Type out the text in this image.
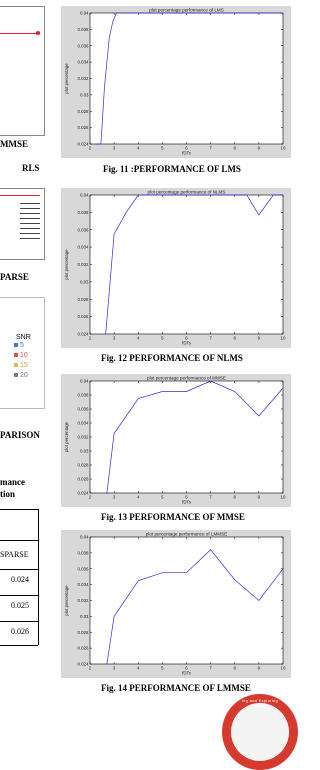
MMSE
RLS
PARSE
SNR
5
10
15
20
PARISON
mance
tion
SPARSE
0.024
0.025
0.026
plot percentage performance of LMS
0.024
0.026
0.028
0.03
0.032
0.034
0.036
0.038
0.04
2	3	4	5	6	7	8	9	10
fDTs
plot percentage
Fig. 11 :PERFORMANCE OF LMS
plot percentage performance of NLMS
0.024
0.026
0.028
0.03
0.032
0.034
0.036
0.038
0.04
2	3	4	5	6	7	8	9	10
fDTs
plot percentage
Fig. 12 PERFORMANCE OF NLMS
plot percentage performance of MMSE
0.024
0.026
0.028
0.03
0.032
0.034
0.036
0.038
0.04
2	3	4	5	6	7	8	9	10
fDTs
plot percentage
Fig. 13 PERFORMANCE OF MMSE
plot percentage performance of LMMSE
0.024
0.026
0.028
0.03
0.032
0.034
0.036
0.038
0.04
2	3	4	5	6	7	8	9	10
fDTs
plot percentage
Fig. 14 PERFORMANCE OF LMMSE
ing and Exploring Enginee
